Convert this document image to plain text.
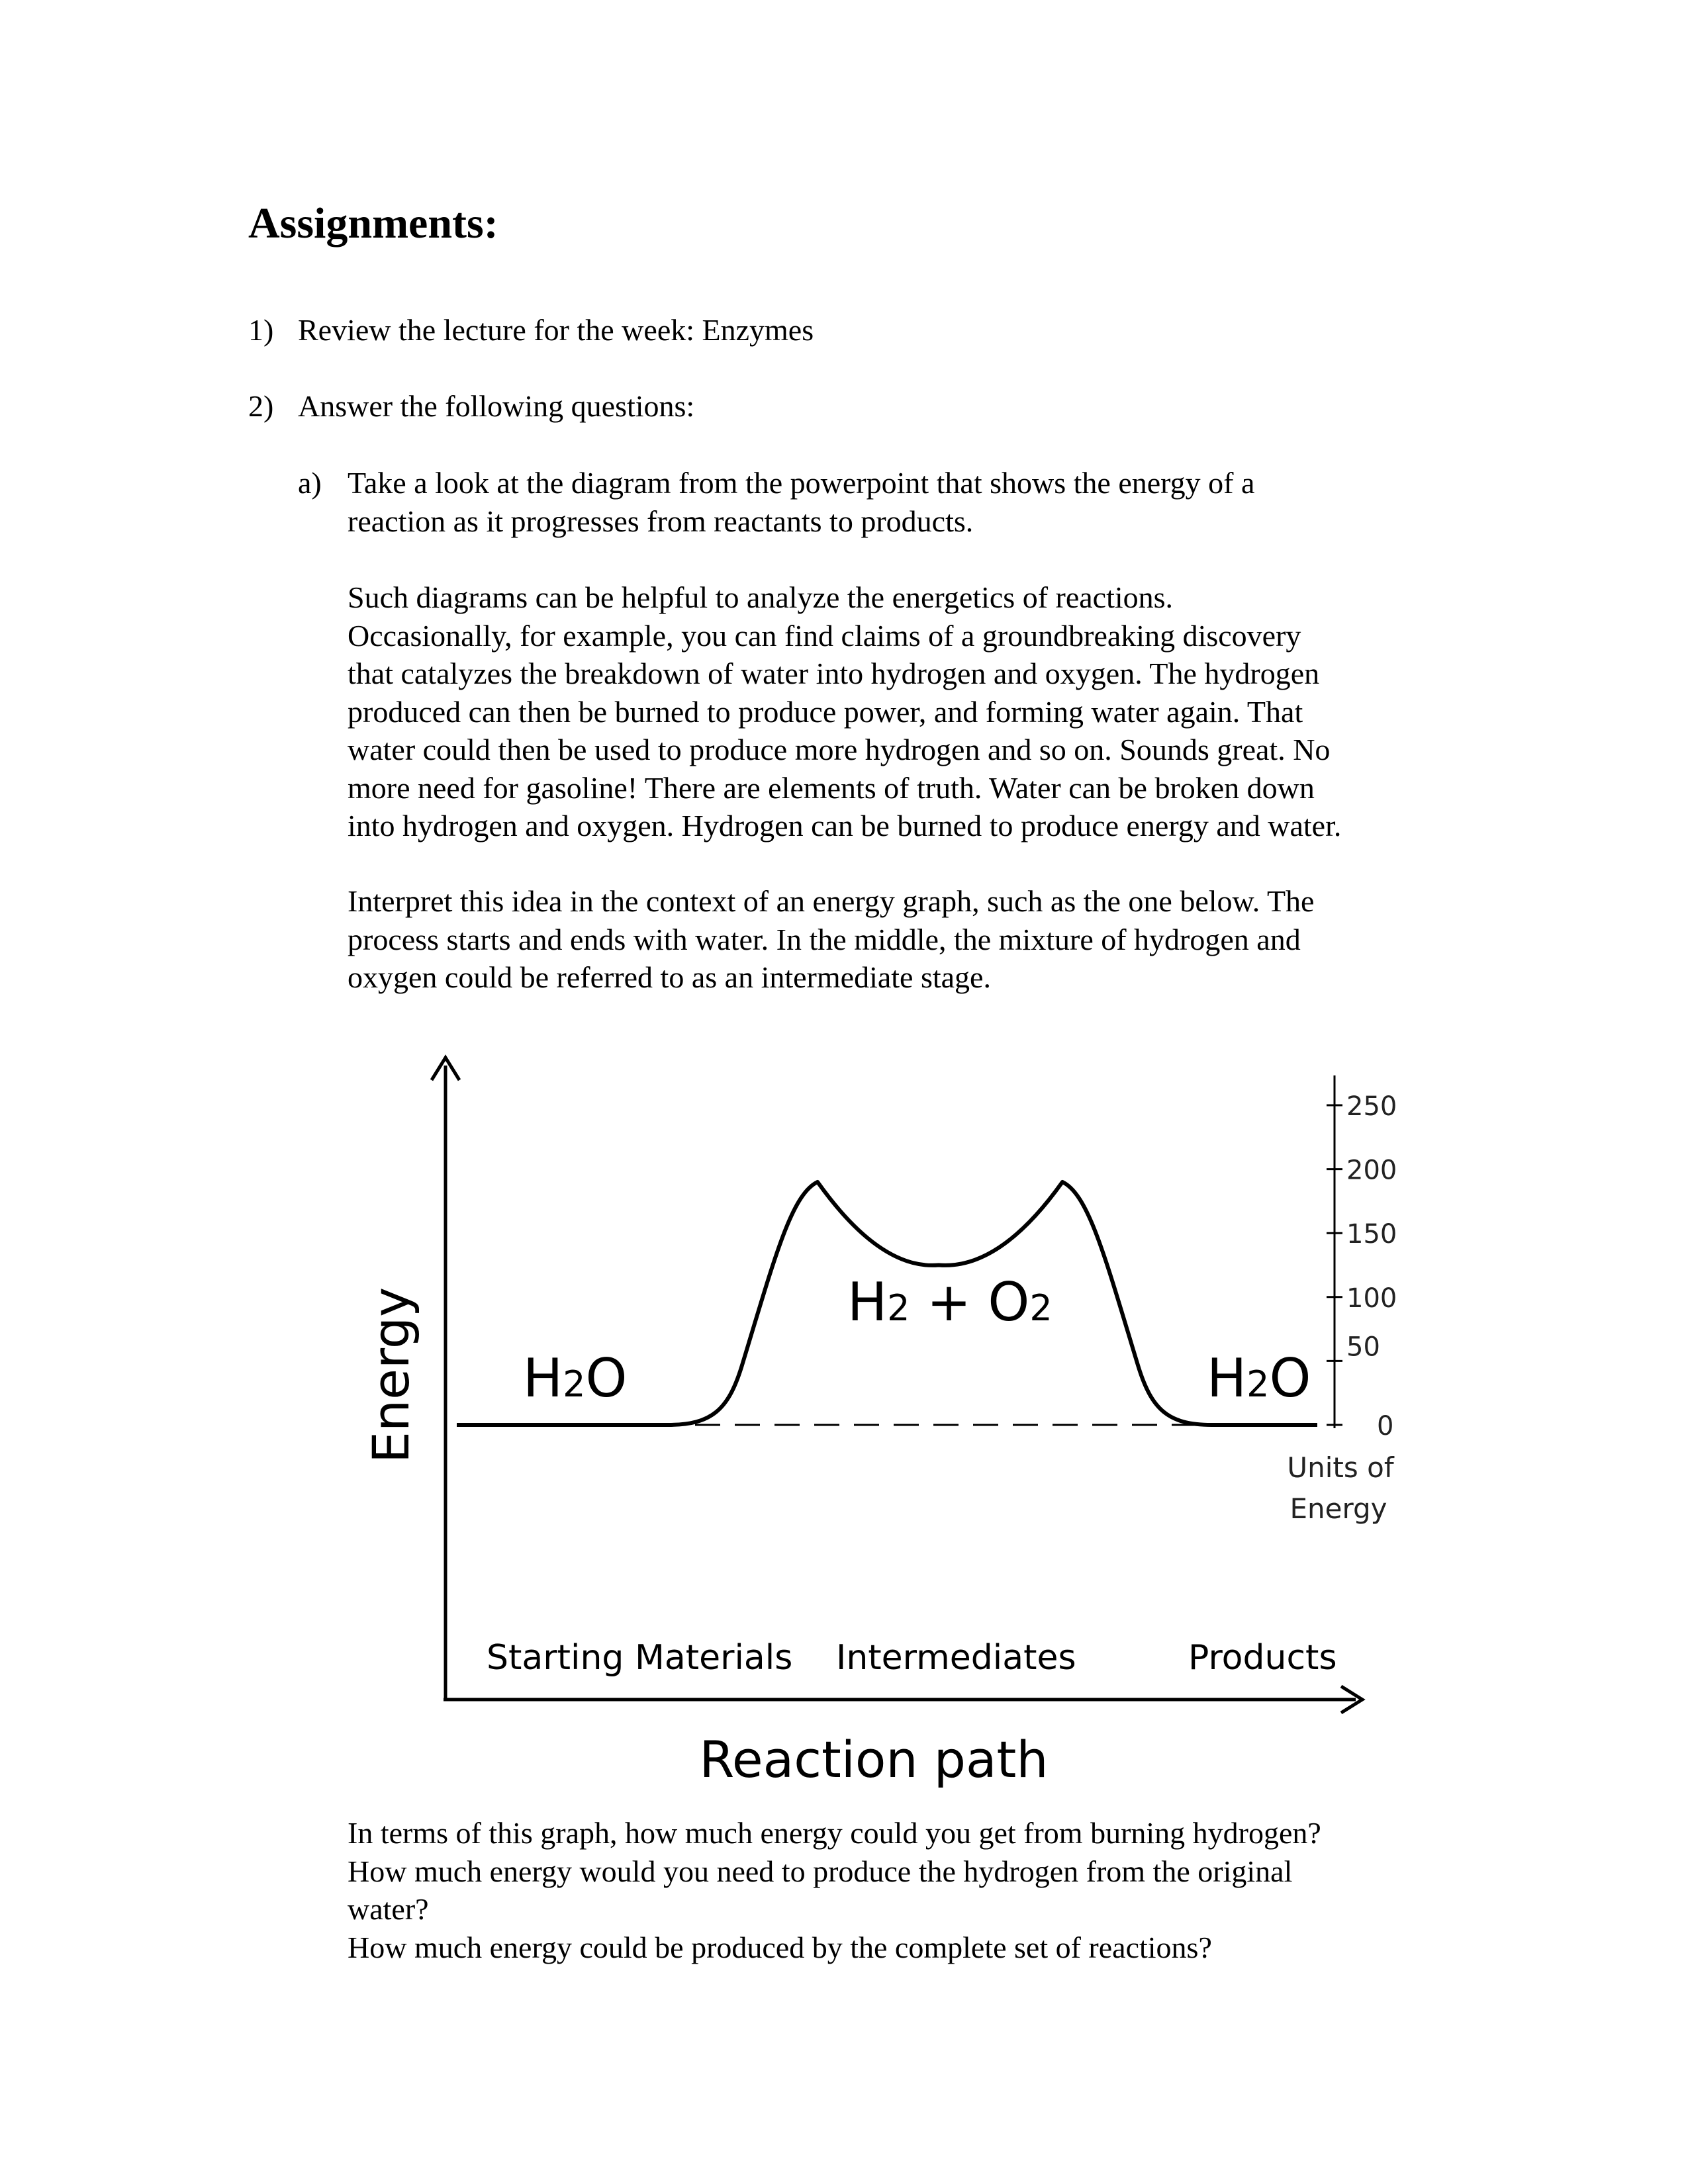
Assignments:
1) Review the lecture for the week: Enzymes
2) Answer the following questions:
a) Take a look at the diagram from the powerpoint that shows the energy of a
reaction as it progresses from reactants to products.
Such diagrams can be helpful to analyze the energetics of reactions.
Occasionally, for example, you can find claims of a groundbreaking discovery
that catalyzes the breakdown of water into hydrogen and oxygen. The hydrogen
produced can then be burned to produce power, and forming water again. That
water could then be used to produce more hydrogen and so on. Sounds great. No
more need for gasoline! There are elements of truth. Water can be broken down
into hydrogen and oxygen. Hydrogen can be burned to produce energy and water.
Interpret this idea in the context of an energy graph, such as the one below. The
process starts and ends with water. In the middle, the mixture of hydrogen and
oxygen could be referred to as an intermediate stage.
0
50
100
150
200
250
H2O
H2 + O2
H2O
Units of
Energy
Starting Materials Intermediates	Products
Reaction path
Energy
In terms of this graph, how much energy could you get from burning hydrogen?
How much energy would you need to produce the hydrogen from the original
water?
How much energy could be produced by the complete set of reactions?
